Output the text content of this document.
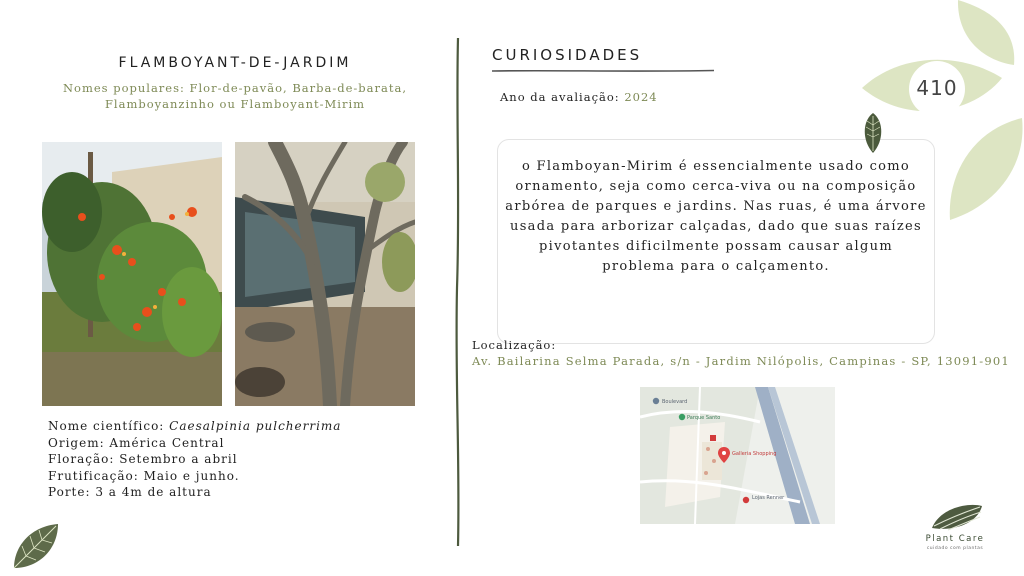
FLAMBOYANT-DE-JARDIM
Nomes populares: Flor-de-pavão, Barba-de-barata, Flamboyanzinho ou Flamboyant-Mirim
Nome científico: Caesalpinia pulcherrima
Origem: América Central
Floração: Setembro a abril
Frutificação: Maio e junho.
Porte: 3 a 4m de altura
CURIOSIDADES
Ano da avaliação: 2024
o Flamboyan-Mirim é essencialmente usado como ornamento, seja como cerca-viva ou na composição arbórea de parques e jardins. Nas ruas, é uma árvore usada para arborizar calçadas, dado que suas raízes pivotantes dificilmente possam causar algum problema para o calçamento.
Localização:
Av. Bailarina Selma Parada, s/n - Jardim Nilópolis, Campinas - SP, 13091-901
Boulevard
Parque Santo
Galleria Shopping
Lojas Renner
410
Plant Care
cuidado com plantas
